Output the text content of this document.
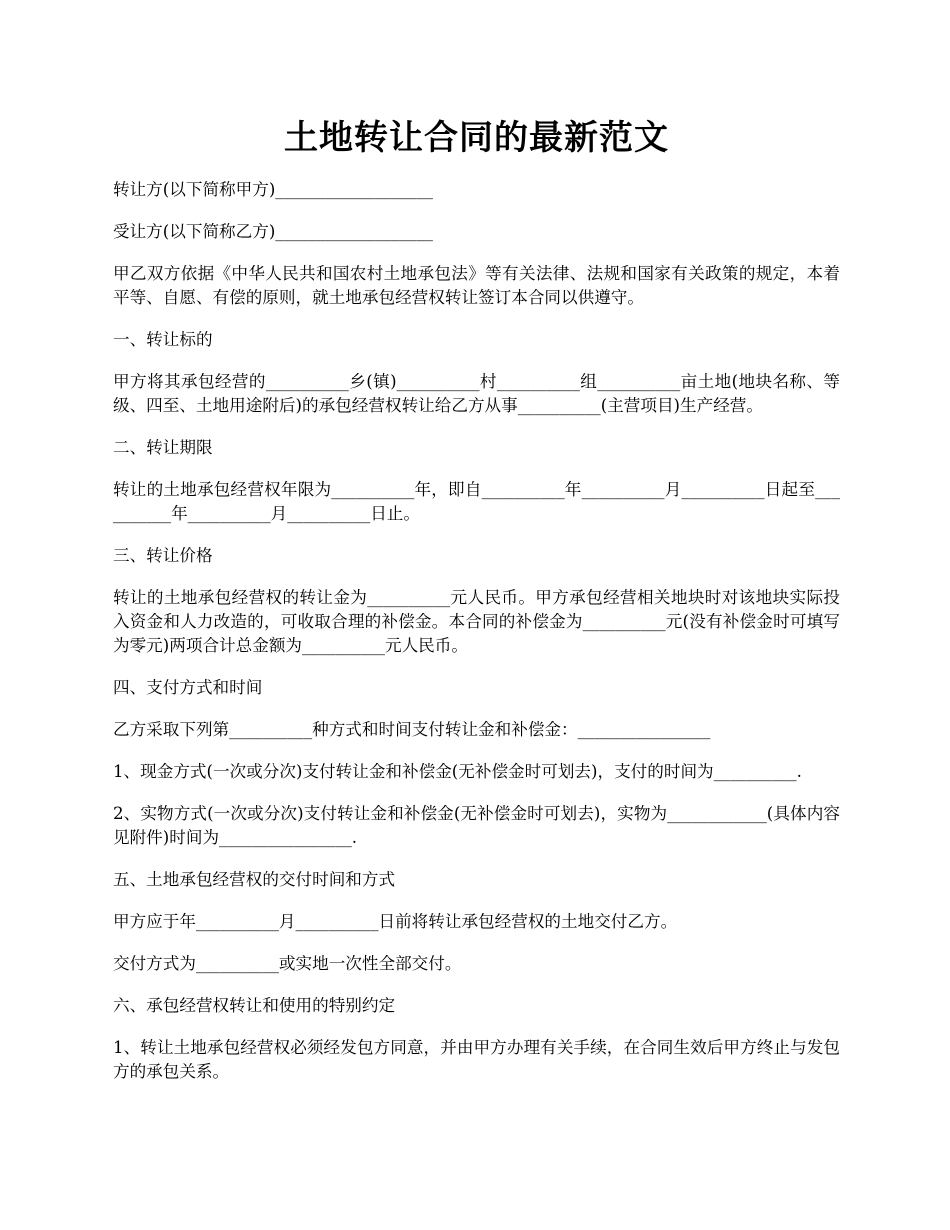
土地转让合同的最新范文

转让方(以下简称甲方)___________________

受让方(以下简称乙方)___________________

甲乙双方依据《中华人民共和国农村土地承包法》等有关法律、法规和国家有关政策的规定，本着平等、自愿、有偿的原则，就土地承包经营权转让签订本合同以供遵守。

一、转让标的

甲方将其承包经营的__________乡(镇)__________村__________组__________亩土地(地块名称、等级、四至、土地用途附后)的承包经营权转让给乙方从事__________(主营项目)生产经营。

二、转让期限

转让的土地承包经营权年限为__________年，即自__________年__________月__________日起至__________年__________月__________日止。

三、转让价格

转让的土地承包经营权的转让金为__________元人民币。甲方承包经营相关地块时对该地块实际投入资金和人力改造的，可收取合理的补偿金。本合同的补偿金为__________元(没有补偿金时可填写为零元)两项合计总金额为__________元人民币。

四、支付方式和时间

乙方采取下列第__________种方式和时间支付转让金和补偿金：________________

1、现金方式(一次或分次)支付转让金和补偿金(无补偿金时可划去)，支付的时间为__________.

2、实物方式(一次或分次)支付转让金和补偿金(无补偿金时可划去)，实物为____________(具体内容见附件)时间为________________.

五、土地承包经营权的交付时间和方式

甲方应于年__________月__________日前将转让承包经营权的土地交付乙方。

交付方式为__________或实地一次性全部交付。

六、承包经营权转让和使用的特别约定

1、转让土地承包经营权必须经发包方同意，并由甲方办理有关手续，在合同生效后甲方终止与发包方的承包关系。
